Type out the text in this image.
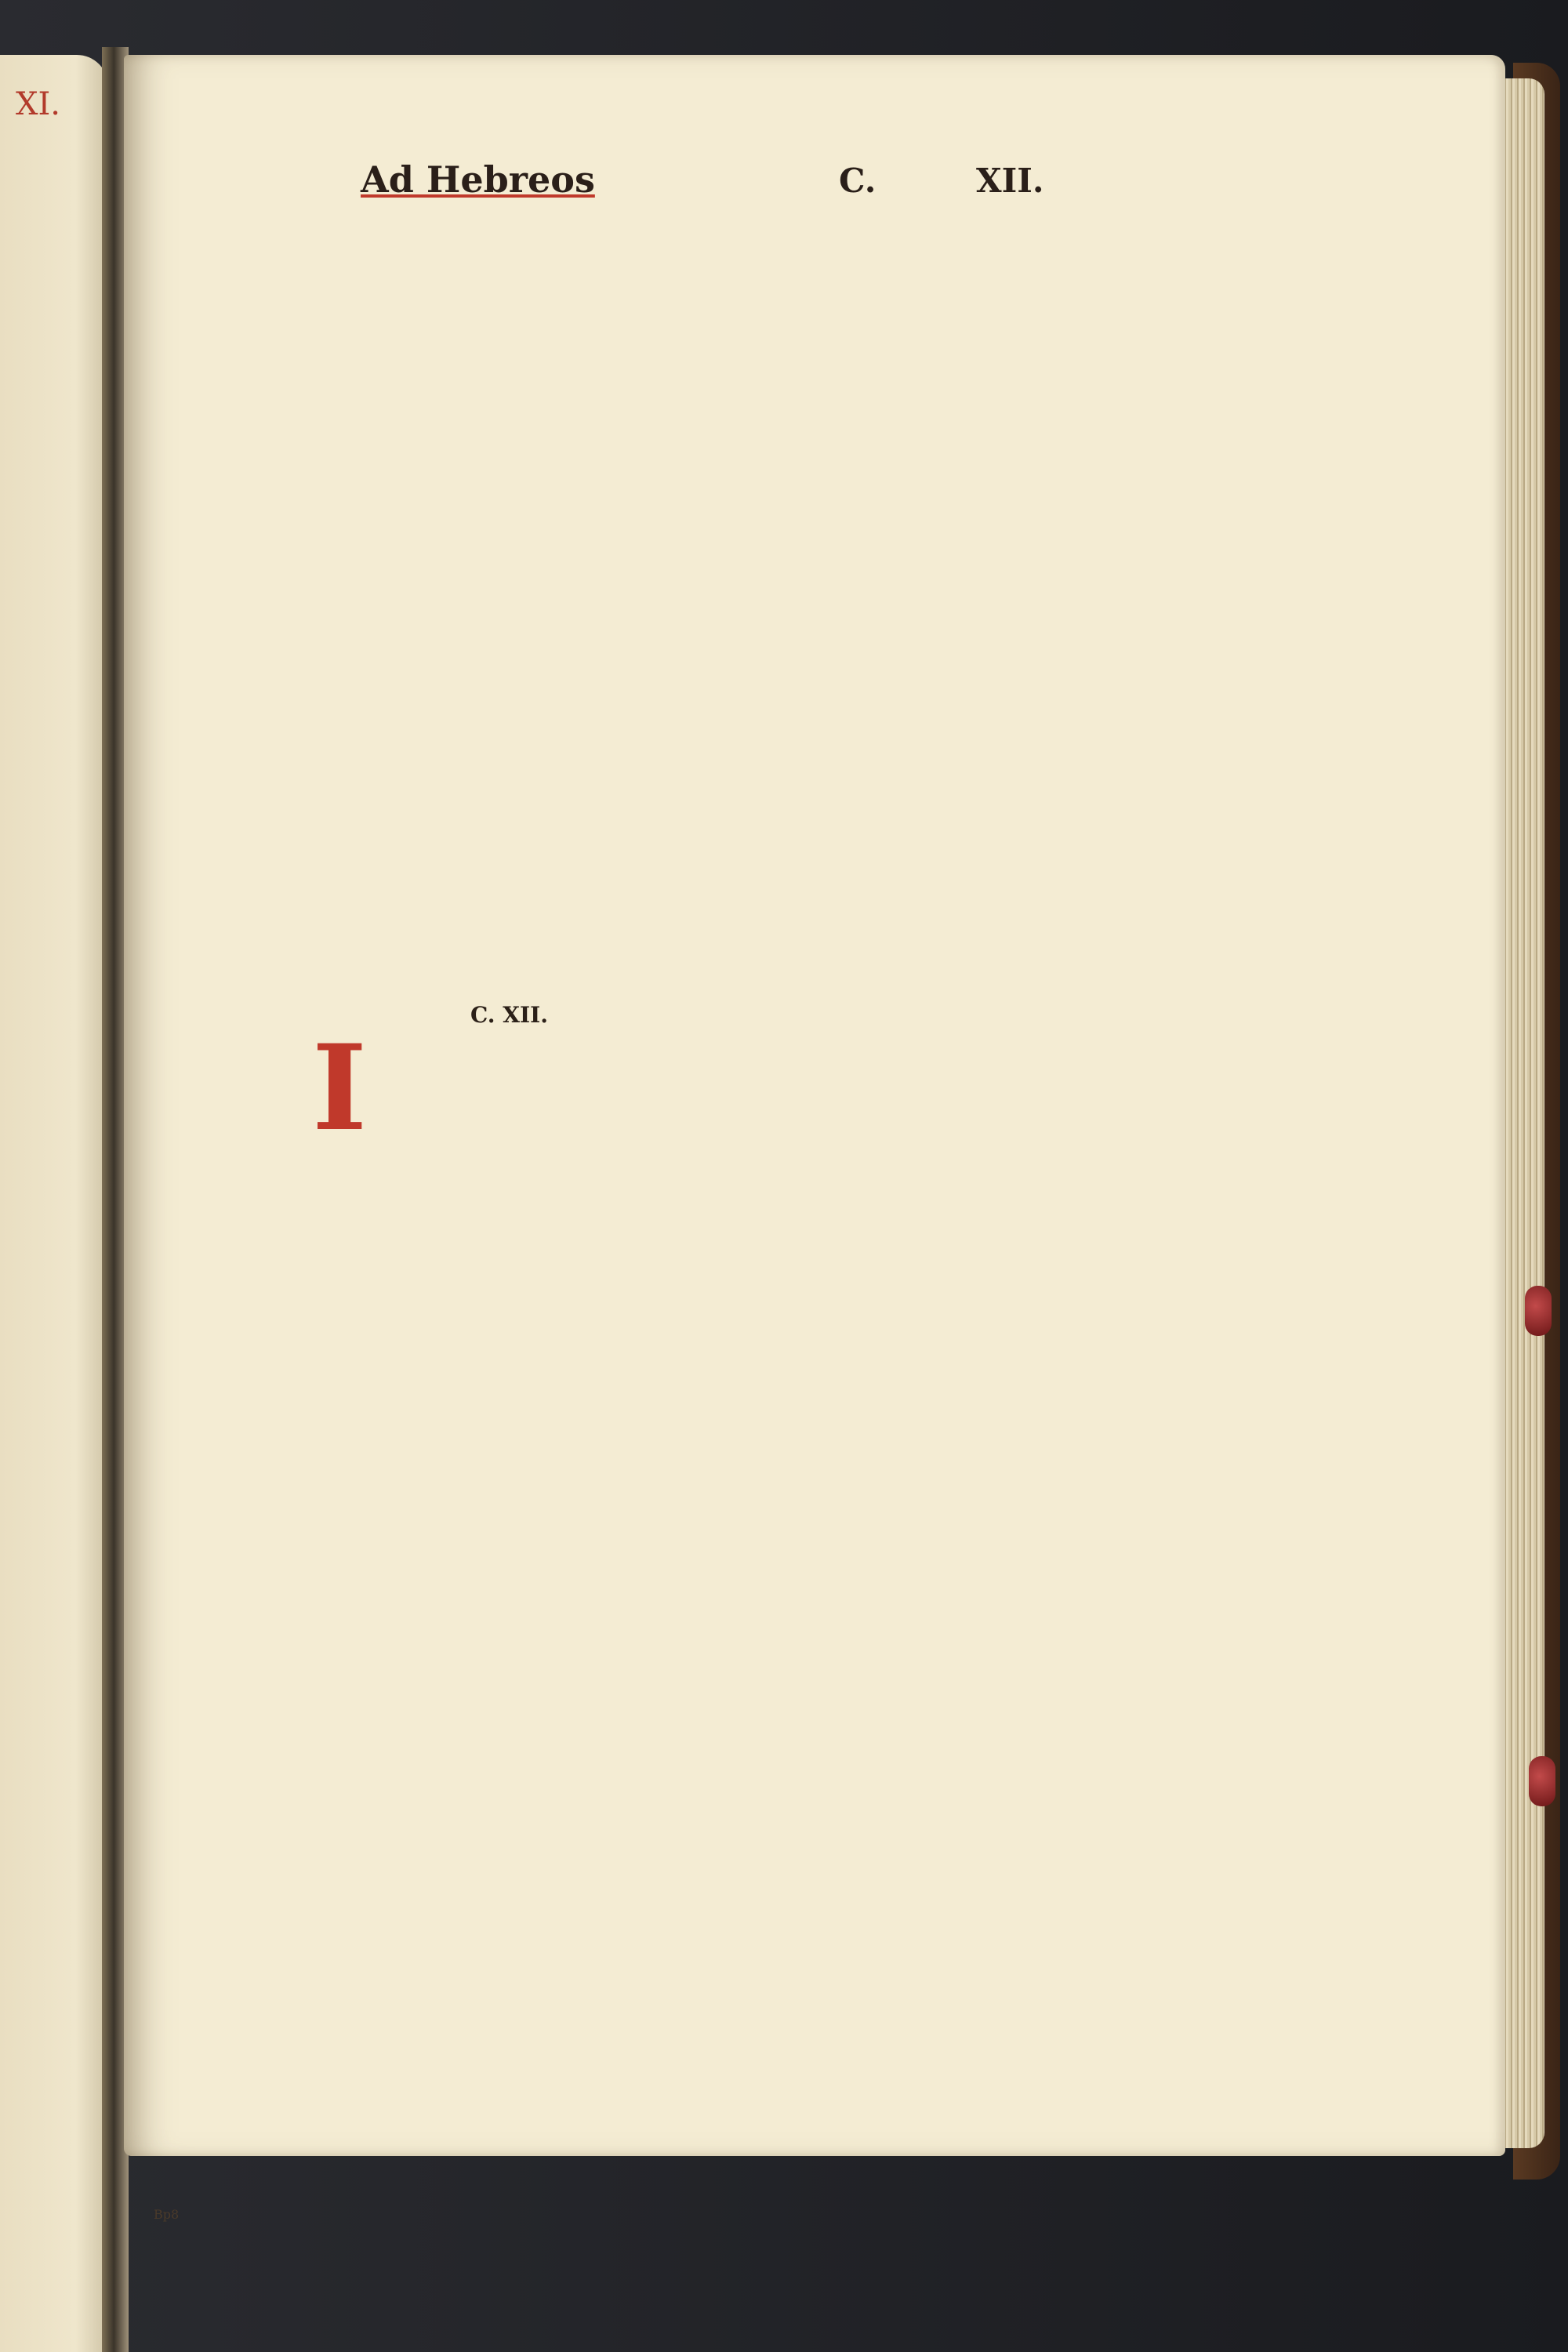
XI.
Ad Hebreos	C.	XII.
C. XII.
I
Bp8
